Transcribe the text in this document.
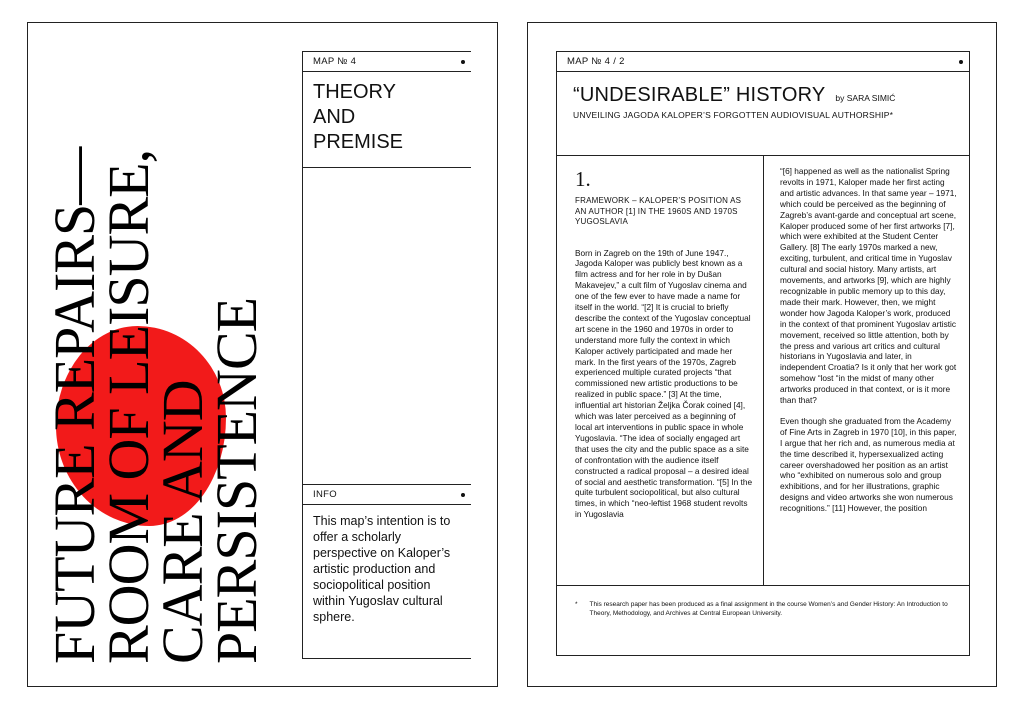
FUTURE REPAIRS—
ROOM OF LEISURE,
CARE AND
PERSISTENCE
MAP № 4
THEORY
AND
PREMISE
INFO
This map’s intention is to offer a scholarly perspective on Kaloper’s artistic production and sociopolitical position within Yugoslav cultural sphere.
MAP № 4 / 2
“UNDESIRABLE” HISTORY by SARA SIMIĆ
UNVEILING JAGODA KALOPER’S FORGOTTEN AUDIOVISUAL AUTHORSHIP*
1.
FRAMEWORK – KALOPER’S POSITION AS AN AUTHOR [1] IN THE 1960S AND 1970S YUGOSLAVIA

Born in Zagreb on the 19th of June 1947., Jagoda Kaloper was publicly best known as a film actress and for her role in by Dušan Makavejev,” a cult film of Yugoslav cinema and one of the few ever to have made a name for itself in the world. “[2] It is crucial to briefly describe the context of the Yugoslav conceptual art scene in the 1960 and 1970s in order to understand more fully the context in which Kaloper actively participated and made her mark. In the first years of the 1970s, Zagreb experienced multiple curated projects “that commissioned new artistic productions to be realized in public space.” [3] At the time, influential art historian Željka Čorak coined [4], which was later perceived as a beginning of local art interventions in public space in whole Yugoslavia. “The idea of socially engaged art that uses the city and the public space as a site of confrontation with the audience itself constructed a radical proposal – a desired ideal of social and aesthetic transformation. “[5] In the quite turbulent sociopolitical, but also cultural times, in which “neo-leftist 1968 student revolts in Yugoslavia

“[6] happened as well as the nationalist Spring revolts in 1971, Kaloper made her first acting and artistic advances. In that same year – 1971, which could be perceived as the beginning of Zagreb’s avant-garde and conceptual art scene, Kaloper produced some of her first artworks [7], which were exhibited at the Student Center Gallery. [8] The early 1970s marked a new, exciting, turbulent, and critical time in Yugoslav cultural and social history. Many artists, art movements, and artworks [9], which are highly recognizable in public memory up to this day, made their mark. However, then, we might wonder how Jagoda Kaloper’s work, produced in the context of that prominent Yugoslav artistic movement, received so little attention, both by the press and various art critics and cultural historians in Yugoslavia and later, in independent Croatia? Is it only that her work got somehow “lost “in the midst of many other artworks produced in that context, or is it more than that?

Even though she graduated from the Academy of Fine Arts in Zagreb in 1970 [10], in this paper, I argue that her rich and, as numerous media at the time described it, hypersexualized acting career overshadowed her position as an artist who “exhibited on numerous solo and group exhibitions, and for her illustrations, graphic designs and video artworks she won numerous recognitions.” [11] However, the position

* This research paper has been produced as a final assignment in the course Women’s and Gender History: An Introduction to Theory, Methodology, and Archives at Central European University.
